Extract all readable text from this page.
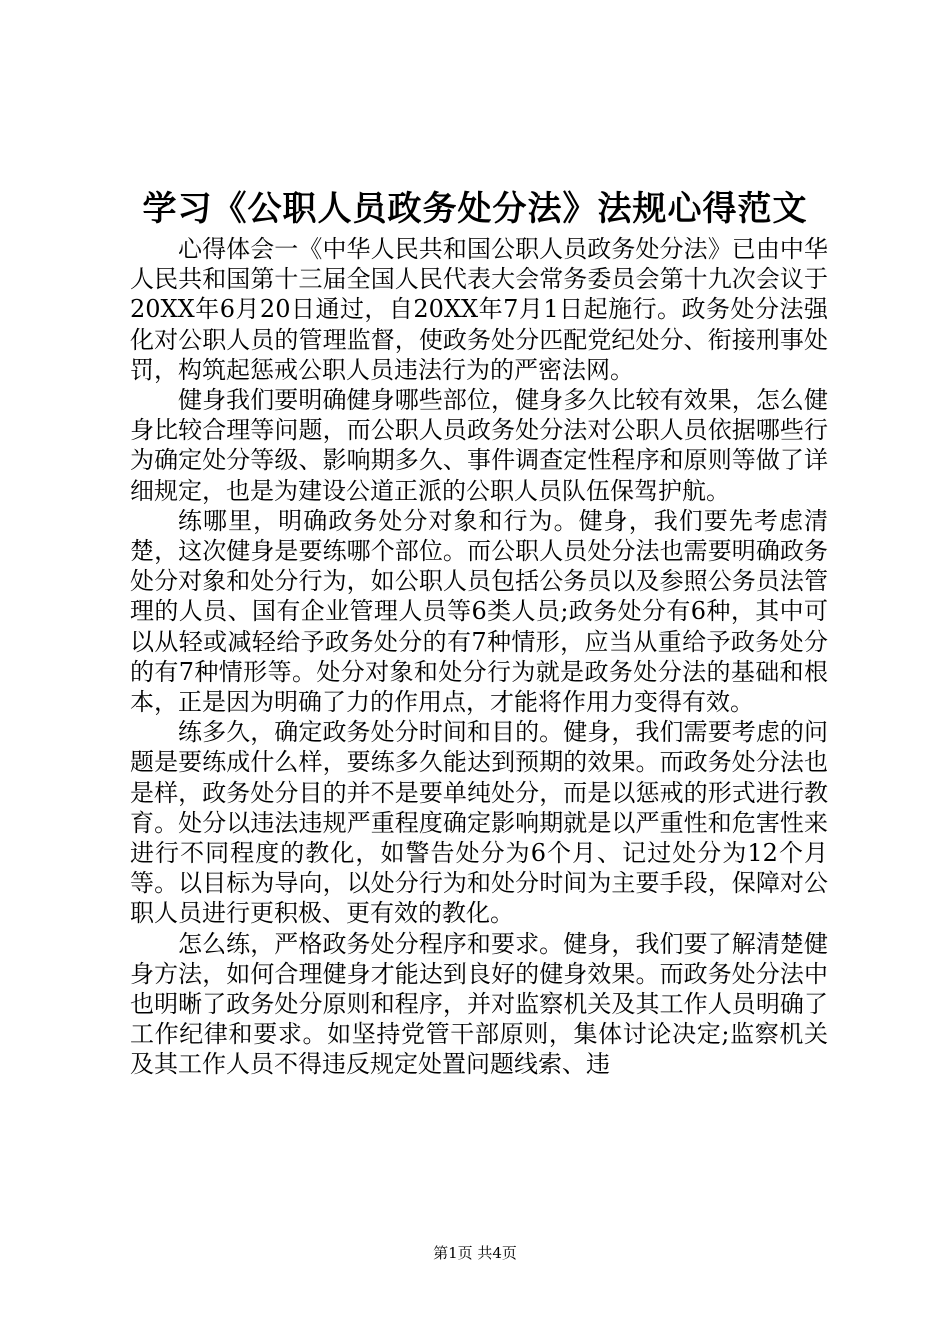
学习《公职人员政务处分法》法规心得范文

心得体会一《中华人民共和国公职人员政务处分法》已由中华人民共和国第十三届全国人民代表大会常务委员会第十九次会议于20XX年6月20日通过，自20XX年7月1日起施行。政务处分法强化对公职人员的管理监督，使政务处分匹配党纪处分、衔接刑事处罚，构筑起惩戒公职人员违法行为的严密法网。

健身我们要明确健身哪些部位，健身多久比较有效果，怎么健身比较合理等问题，而公职人员政务处分法对公职人员依据哪些行为确定处分等级、影响期多久、事件调查定性程序和原则等做了详细规定，也是为建设公道正派的公职人员队伍保驾护航。

练哪里，明确政务处分对象和行为。健身，我们要先考虑清楚，这次健身是要练哪个部位。而公职人员处分法也需要明确政务处分对象和处分行为，如公职人员包括公务员以及参照公务员法管理的人员、国有企业管理人员等6类人员;政务处分有6种，其中可以从轻或减轻给予政务处分的有7种情形，应当从重给予政务处分的有7种情形等。处分对象和处分行为就是政务处分法的基础和根本，正是因为明确了力的作用点，才能将作用力变得有效。

练多久，确定政务处分时间和目的。健身，我们需要考虑的问题是要练成什么样，要练多久能达到预期的效果。而政务处分法也是样，政务处分目的并不是要单纯处分，而是以惩戒的形式进行教育。处分以违法违规严重程度确定影响期就是以严重性和危害性来进行不同程度的教化，如警告处分为6个月、记过处分为12个月等。以目标为导向，以处分行为和处分时间为主要手段，保障对公职人员进行更积极、更有效的教化。

怎么练，严格政务处分程序和要求。健身，我们要了解清楚健身方法，如何合理健身才能达到良好的健身效果。而政务处分法中也明晰了政务处分原则和程序，并对监察机关及其工作人员明确了工作纪律和要求。如坚持党管干部原则，集体讨论决定;监察机关及其工作人员不得违反规定处置问题线索、违

第1页 共4页
